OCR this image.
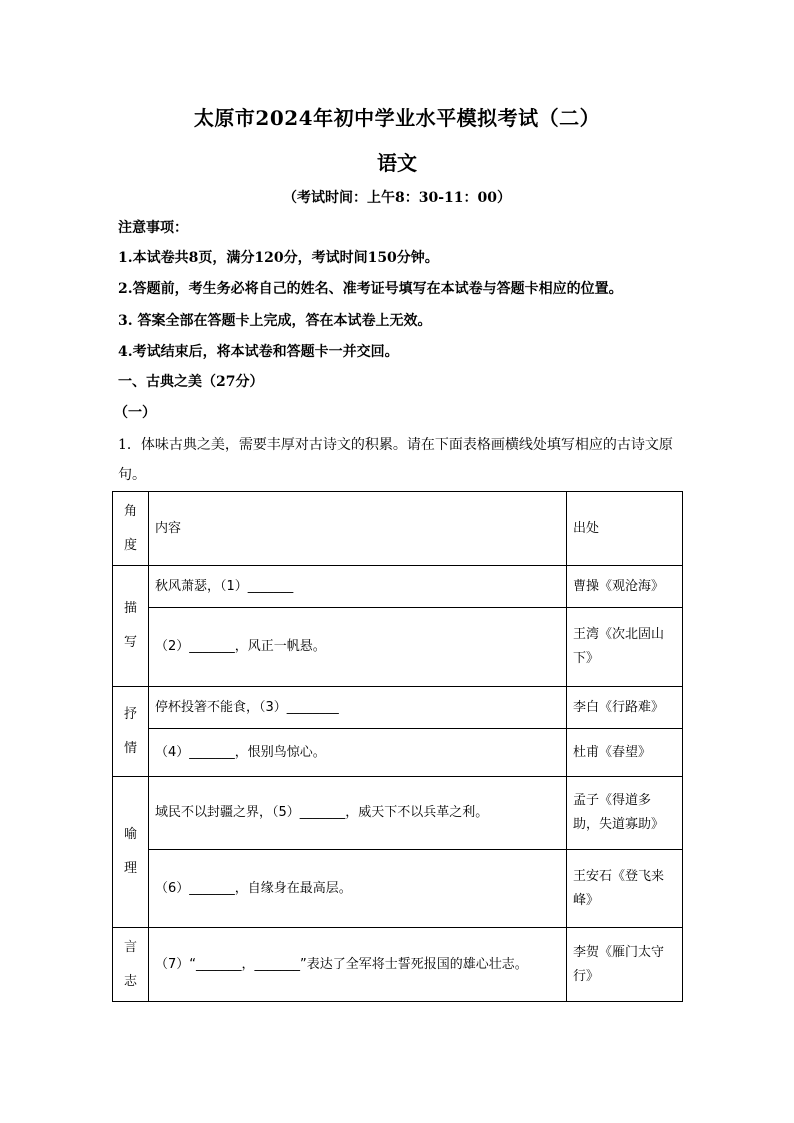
太原市2024年初中学业水平模拟考试（二）
语文
（考试时间：上午8：30-11：00）
注意事项：
1.本试卷共8页，满分120分，考试时间150分钟。
2.答题前，考生务必将自己的姓名、准考证号填写在本试卷与答题卡相应的位置。
3. 答案全部在答题卡上完成，答在本试卷上无效。
4.考试结束后，将本试卷和答题卡一并交回。
一、古典之美（27分）
（一）
1．体味古典之美，需要丰厚对古诗文的积累。请在下面表格画横线处填写相应的古诗文原句。
角度	内容	出处

描写	秋风萧瑟，（1）_______	曹操《观沧海》
	（2）_______，风正一帆悬。	王湾《次北固山下》

抒情	停杯投箸不能食，（3）________	李白《行路难》
	（4）_______，恨别鸟惊心。	杜甫《春望》

喻理	域民不以封疆之界，（5）_______，威天下不以兵革之利。	孟子《得道多助，失道寡助》
	（6）_______，自缘身在最高层。	王安石《登飞来峰》

言志	（7）“_______，_______”表达了全军将士誓死报国的雄心壮志。	李贺《雁门太守行》
